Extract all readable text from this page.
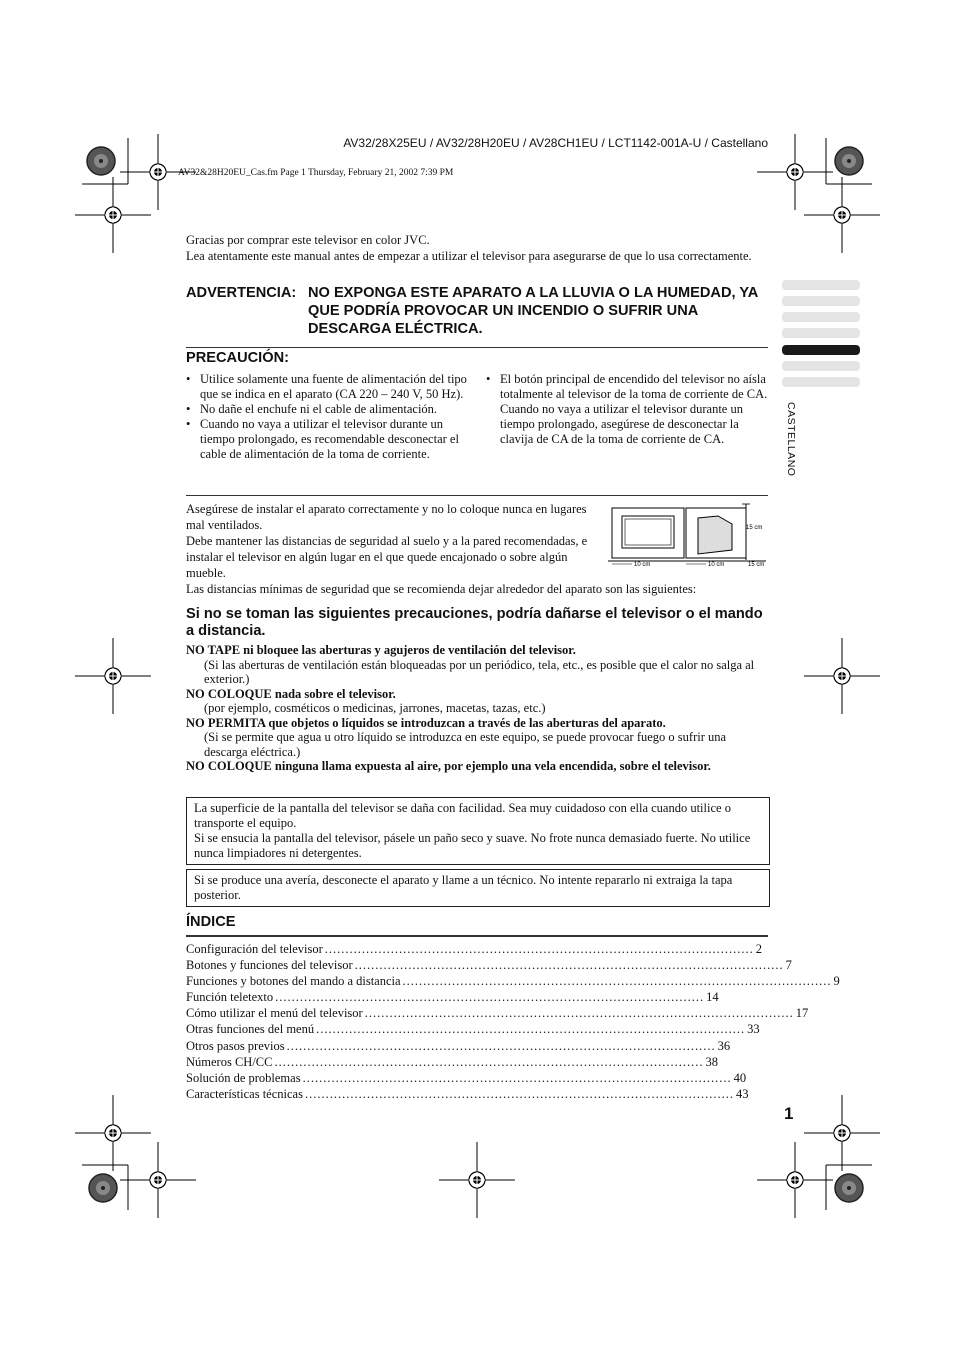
AV32/28X25EU / AV32/28H20EU / AV28CH1EU / LCT1142-001A-U / Castellano
AV32&28H20EU_Cas.fm Page 1 Thursday, February 21, 2002 7:39 PM
CASTELLANO
Gracias por comprar este televisor en color JVC.
Lea atentamente este manual antes de empezar a utilizar el televisor para asegurarse de que lo usa correctamente.
ADVERTENCIA: NO EXPONGA ESTE APARATO A LA LLUVIA O LA HUMEDAD, YA QUE PODRÍA PROVOCAR UN INCENDIO O SUFRIR UNA DESCARGA ELÉCTRICA.
PRECAUCIÓN:
• Utilice solamente una fuente de alimentación del tipo que se indica en el aparato (CA 220 – 240 V, 50 Hz).
• No dañe el enchufe ni el cable de alimentación.
• Cuando no vaya a utilizar el televisor durante un tiempo prolongado, es recomendable desconectar el cable de alimentación de la toma de corriente.
• El botón principal de encendido del televisor no aísla totalmente al televisor de la toma de corriente de CA. Cuando no vaya a utilizar el televisor durante un tiempo prolongado, asegúrese de desconectar la clavija de CA de la toma de corriente de CA.
Asegúrese de instalar el aparato correctamente y no lo coloque nunca en lugares mal ventilados.
Debe mantener las distancias de seguridad al suelo y a la pared recomendadas, e instalar el televisor en algún lugar en el que quede encajonado o sobre algún mueble.
Las distancias mínimas de seguridad que se recomienda dejar alrededor del aparato son las siguientes:
10 cm	10 cm
15 cm
15 cm
Si no se toman las siguientes precauciones, podría dañarse el televisor o el mando a distancia.
NO TAPE ni bloquee las aberturas y agujeros de ventilación del televisor.
(Si las aberturas de ventilación están bloqueadas por un periódico, tela, etc., es posible que el calor no salga al exterior.)
NO COLOQUE nada sobre el televisor.
(por ejemplo, cosméticos o medicinas, jarrones, macetas, tazas, etc.)
NO PERMITA que objetos o líquidos se introduzcan a través de las aberturas del aparato.
(Si se permite que agua u otro líquido se introduzca en este equipo, se puede provocar fuego o sufrir una descarga eléctrica.)
NO COLOQUE ninguna llama expuesta al aire, por ejemplo una vela encendida, sobre el televisor.
La superficie de la pantalla del televisor se daña con facilidad. Sea muy cuidadoso con ella cuando utilice o transporte el equipo.
Si se ensucia la pantalla del televisor, pásele un paño seco y suave. No frote nunca demasiado fuerte. No utilice nunca limpiadores ni detergentes.
Si se produce una avería, desconecte el aparato y llame a un técnico. No intente repararlo ni extraiga la tapa posterior.
ÍNDICE
Configuración del televisor ........................................................................................................ 2
Botones y funciones del televisor ........................................................................................................ 7
Funciones y botones del mando a distancia ........................................................................................................ 9
Función teletexto ........................................................................................................ 14
Cómo utilizar el menú del televisor ........................................................................................................ 17
Otras funciones del menú ........................................................................................................ 33
Otros pasos previos ........................................................................................................ 36
Números CH/CC ........................................................................................................ 38
Solución de problemas ........................................................................................................ 40
Características técnicas ........................................................................................................ 43
1
